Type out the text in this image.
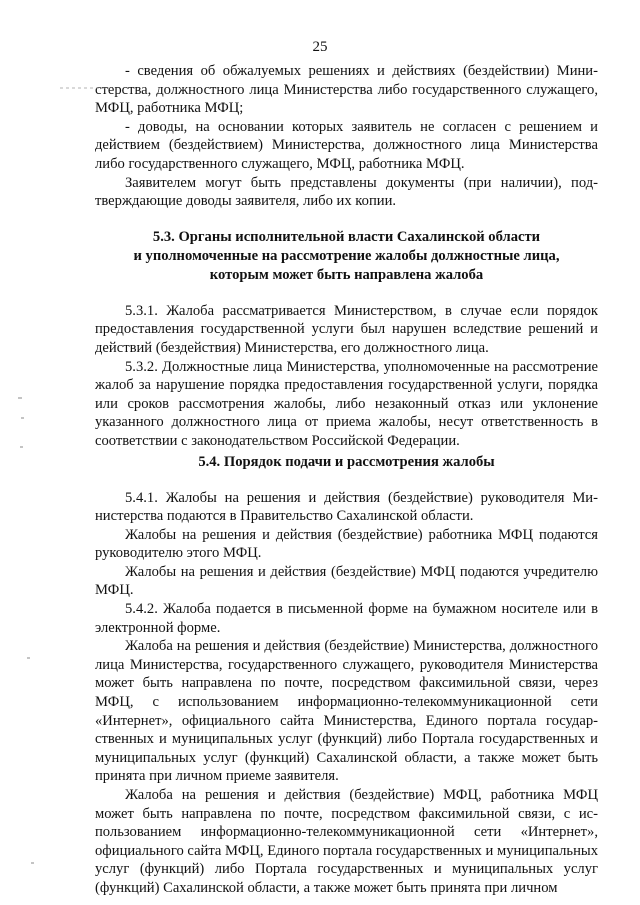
25

- сведения об обжалуемых решениях и действиях (бездействии) Министерства, должностного лица Министерства либо государственного служащего, МФЦ, работника МФЦ;

- доводы, на основании которых заявитель не согласен с решением и действием (бездействием) Министерства, должностного лица Министерства либо государственного служащего, МФЦ, работника МФЦ.

Заявителем могут быть представлены документы (при наличии), подтверждающие доводы заявителя, либо их копии.

5.3. Органы исполнительной власти Сахалинской области
и уполномоченные на рассмотрение жалобы должностные лица,
которым может быть направлена жалоба

5.3.1. Жалоба рассматривается Министерством, в случае если порядок предоставления государственной услуги был нарушен вследствие решений и действий (бездействия) Министерства, его должностного лица.

5.3.2. Должностные лица Министерства, уполномоченные на рассмотрение жалоб за нарушение порядка предоставления государственной услуги, порядка или сроков рассмотрения жалобы, либо незаконный отказ или уклонение указанного должностного лица от приема жалобы, несут ответственность в соответствии с законодательством Российской Федерации.

5.4. Порядок подачи и рассмотрения жалобы

5.4.1. Жалобы на решения и действия (бездействие) руководителя Министерства подаются в Правительство Сахалинской области.

Жалобы на решения и действия (бездействие) работника МФЦ подаются руководителю этого МФЦ.

Жалобы на решения и действия (бездействие) МФЦ подаются учредителю МФЦ.

5.4.2. Жалоба подается в письменной форме на бумажном носителе или в электронной форме.

Жалоба на решения и действия (бездействие) Министерства, должностного лица Министерства, государственного служащего, руководителя Министерства может быть направлена по почте, посредством факсимильной связи, через МФЦ, с использованием информационно-телекоммуникационной сети «Интернет», официального сайта Министерства, Единого портала государственных и муниципальных услуг (функций) либо Портала государственных и муниципальных услуг (функций) Сахалинской области, а также может быть принята при личном приеме заявителя.

Жалоба на решения и действия (бездействие) МФЦ, работника МФЦ может быть направлена по почте, посредством факсимильной связи, с использованием информационно-телекоммуникационной сети «Интернет», официального сайта МФЦ, Единого портала государственных и муниципальных услуг (функций) либо Портала государственных и муниципальных услуг (функций) Сахалинской области, а также может быть принята при личном
